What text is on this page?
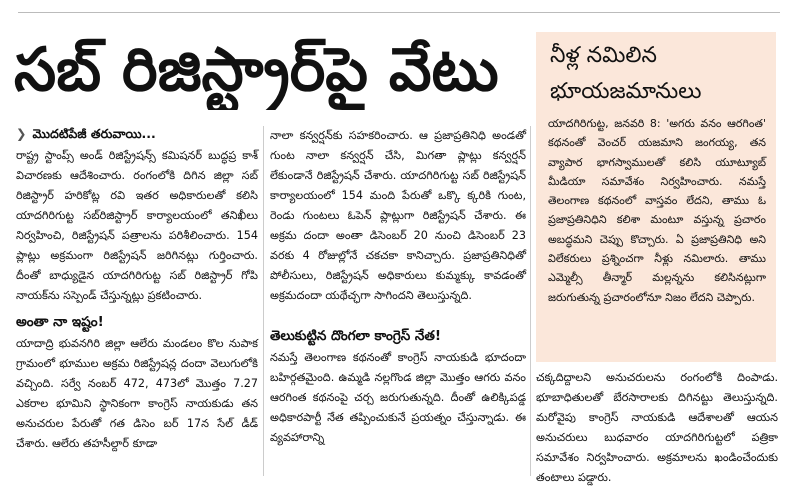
సబ్ రిజిస్ట్రార్‌పై వేటు	నీళ్ల నమిలిన
భూయజమానులు
యాదగిరిగుట్ట, జనవరి 8: 'అగరు వనం ఆరగింత' కథనంతో వెంచర్ యజమాని జంగయ్య, తన వ్యాపార భాగస్వాములతో కలిసి యూట్యూబ్ మీడియా సమావేశం నిర్వహించారు. నమస్తే తెలంగాణ కథనంలో వాస్తవం లేదని, తాము ఓ ప్రజాప్రతినిధిని కలిశా మంటూ వస్తున్న ప్రచారం అబద్ధమని చెప్పు కొచ్చారు. ఏ ప్రజాప్రతినిధి అని విలేకరులు ప్రశ్నించగా నీళ్లు నమిలారు. తాము ఎమ్మెల్సీ తీన్మార్ మల్లన్నను కలిసినట్లుగా జరుగుతున్న ప్రచారంలోనూ నిజం లేదని చెప్పారు.
❯ మొదటిపేజీ తరువాయి...

రాష్ట్ర స్టాంప్స్ అండ్ రిజిస్ట్రేషన్స్ కమిషనర్ బుద్ధప్ర కాశ్ విచారణకు ఆదేశించారు. రంగంలోకి దిగిన జిల్లా సబ్ రిజిస్ట్రార్ హరికోట్ల రవి ఇతర అధికారులతో కలిసి యాదగిరిగుట్ట సబ్‌రిజిస్ట్రార్ కార్యాలయంలో తనిఖీలు నిర్వహించి, రిజిస్ట్రేషన్ పత్రాలను పరిశీలించారు. 154 ప్లాట్లు అక్రమంగా రిజిస్ట్రేషన్ జరిగినట్లు గుర్తించారు. దీంతో బాధ్యుడైన యాదగిరిగుట్ట సబ్ రిజిస్ట్రార్ గోపి నాయక్‌ను సస్పెండ్ చేస్తున్నట్లు ప్రకటించారు.

అంతా నా ఇష్టం!

యాదాద్రి భువనగిరి జిల్లా ఆలేరు మండలం కొల నుపాక గ్రామంలో భూముల అక్రమ రిజిస్ట్రేషన్ల దందా వెలుగులోకి వచ్చింది. సర్వే నంబర్ 472, 473లో మొత్తం 7.27 ఎకరాల భూమిని స్థానికంగా కాంగ్రెస్ నాయకుడు తన అనుచరుల పేరుతో గత డిసెం బర్ 17న సేల్ డీడ్ చేశారు. ఆలేరు తహసీల్దార్ కూడా

నాలా కన్వర్షన్‌కు సహకరించారు. ఆ ప్రజాప్రతినిధి అండతో గుంట నాలా కన్వర్షన్ చేసి, మిగతా ప్లాట్లు కన్వర్షన్ లేకుండానే రిజిస్ట్రేషన్ చేశారు. యాదగిరిగుట్ట సబ్ రిజిస్ట్రేషన్ కార్యాలయంలో 154 మంది పేరుతో ఒక్కొ క్కరికి గుంట, రెండు గుంటలు ఓపెన్ ప్లాట్లుగా రిజిస్ట్రేషన్ చేశారు. ఈ అక్రమ దందా అంతా డిసెంబర్ 20 నుంచి డిసెంబర్ 23 వరకు 4 రోజుల్లోనే చకచకా కానిచ్చారు. ప్రజాప్రతినిధితో పోలీసులు, రిజిస్ట్రేషన్ అధికారులు కుమ్మక్కు కావడంతో అక్రమదందా యథేచ్ఛగా సాగిందని తెలుస్తున్నది.

తెలుకుట్టిన దొంగలా కాంగ్రెస్ నేత!

నమస్తే తెలంగాణ కథనంతో కాంగ్రెస్ నాయకుడి భూదందా బహిర్గతమైంది. ఉమ్మడి నల్లగొండ జిల్లా మొత్తం ఆగరు వనం ఆరగింత కథనంపై చర్చ జరుగుతున్నది. దీంతో ఉలిక్కిపడ్డ అధికారపార్టీ నేత తప్పించుకునే ప్రయత్నం చేస్తున్నాడు. ఈ వ్యవహారాన్ని

చక్కదిద్దాలని అనుచరులను రంగంలోకి దింపాడు. భూబాధితులతో బేరసారాలకు దిగినట్టు తెలుస్తున్నది. మరోవైపు కాంగ్రెస్ నాయకుడి ఆదేశాలతో ఆయన అనుచరులు బుధవారం యాదగిరిగుట్టలో పత్రికా సమావేశం నిర్వహించారు. అక్రమాలను ఖండించేందుకు తంటాలు పడ్డారు.
